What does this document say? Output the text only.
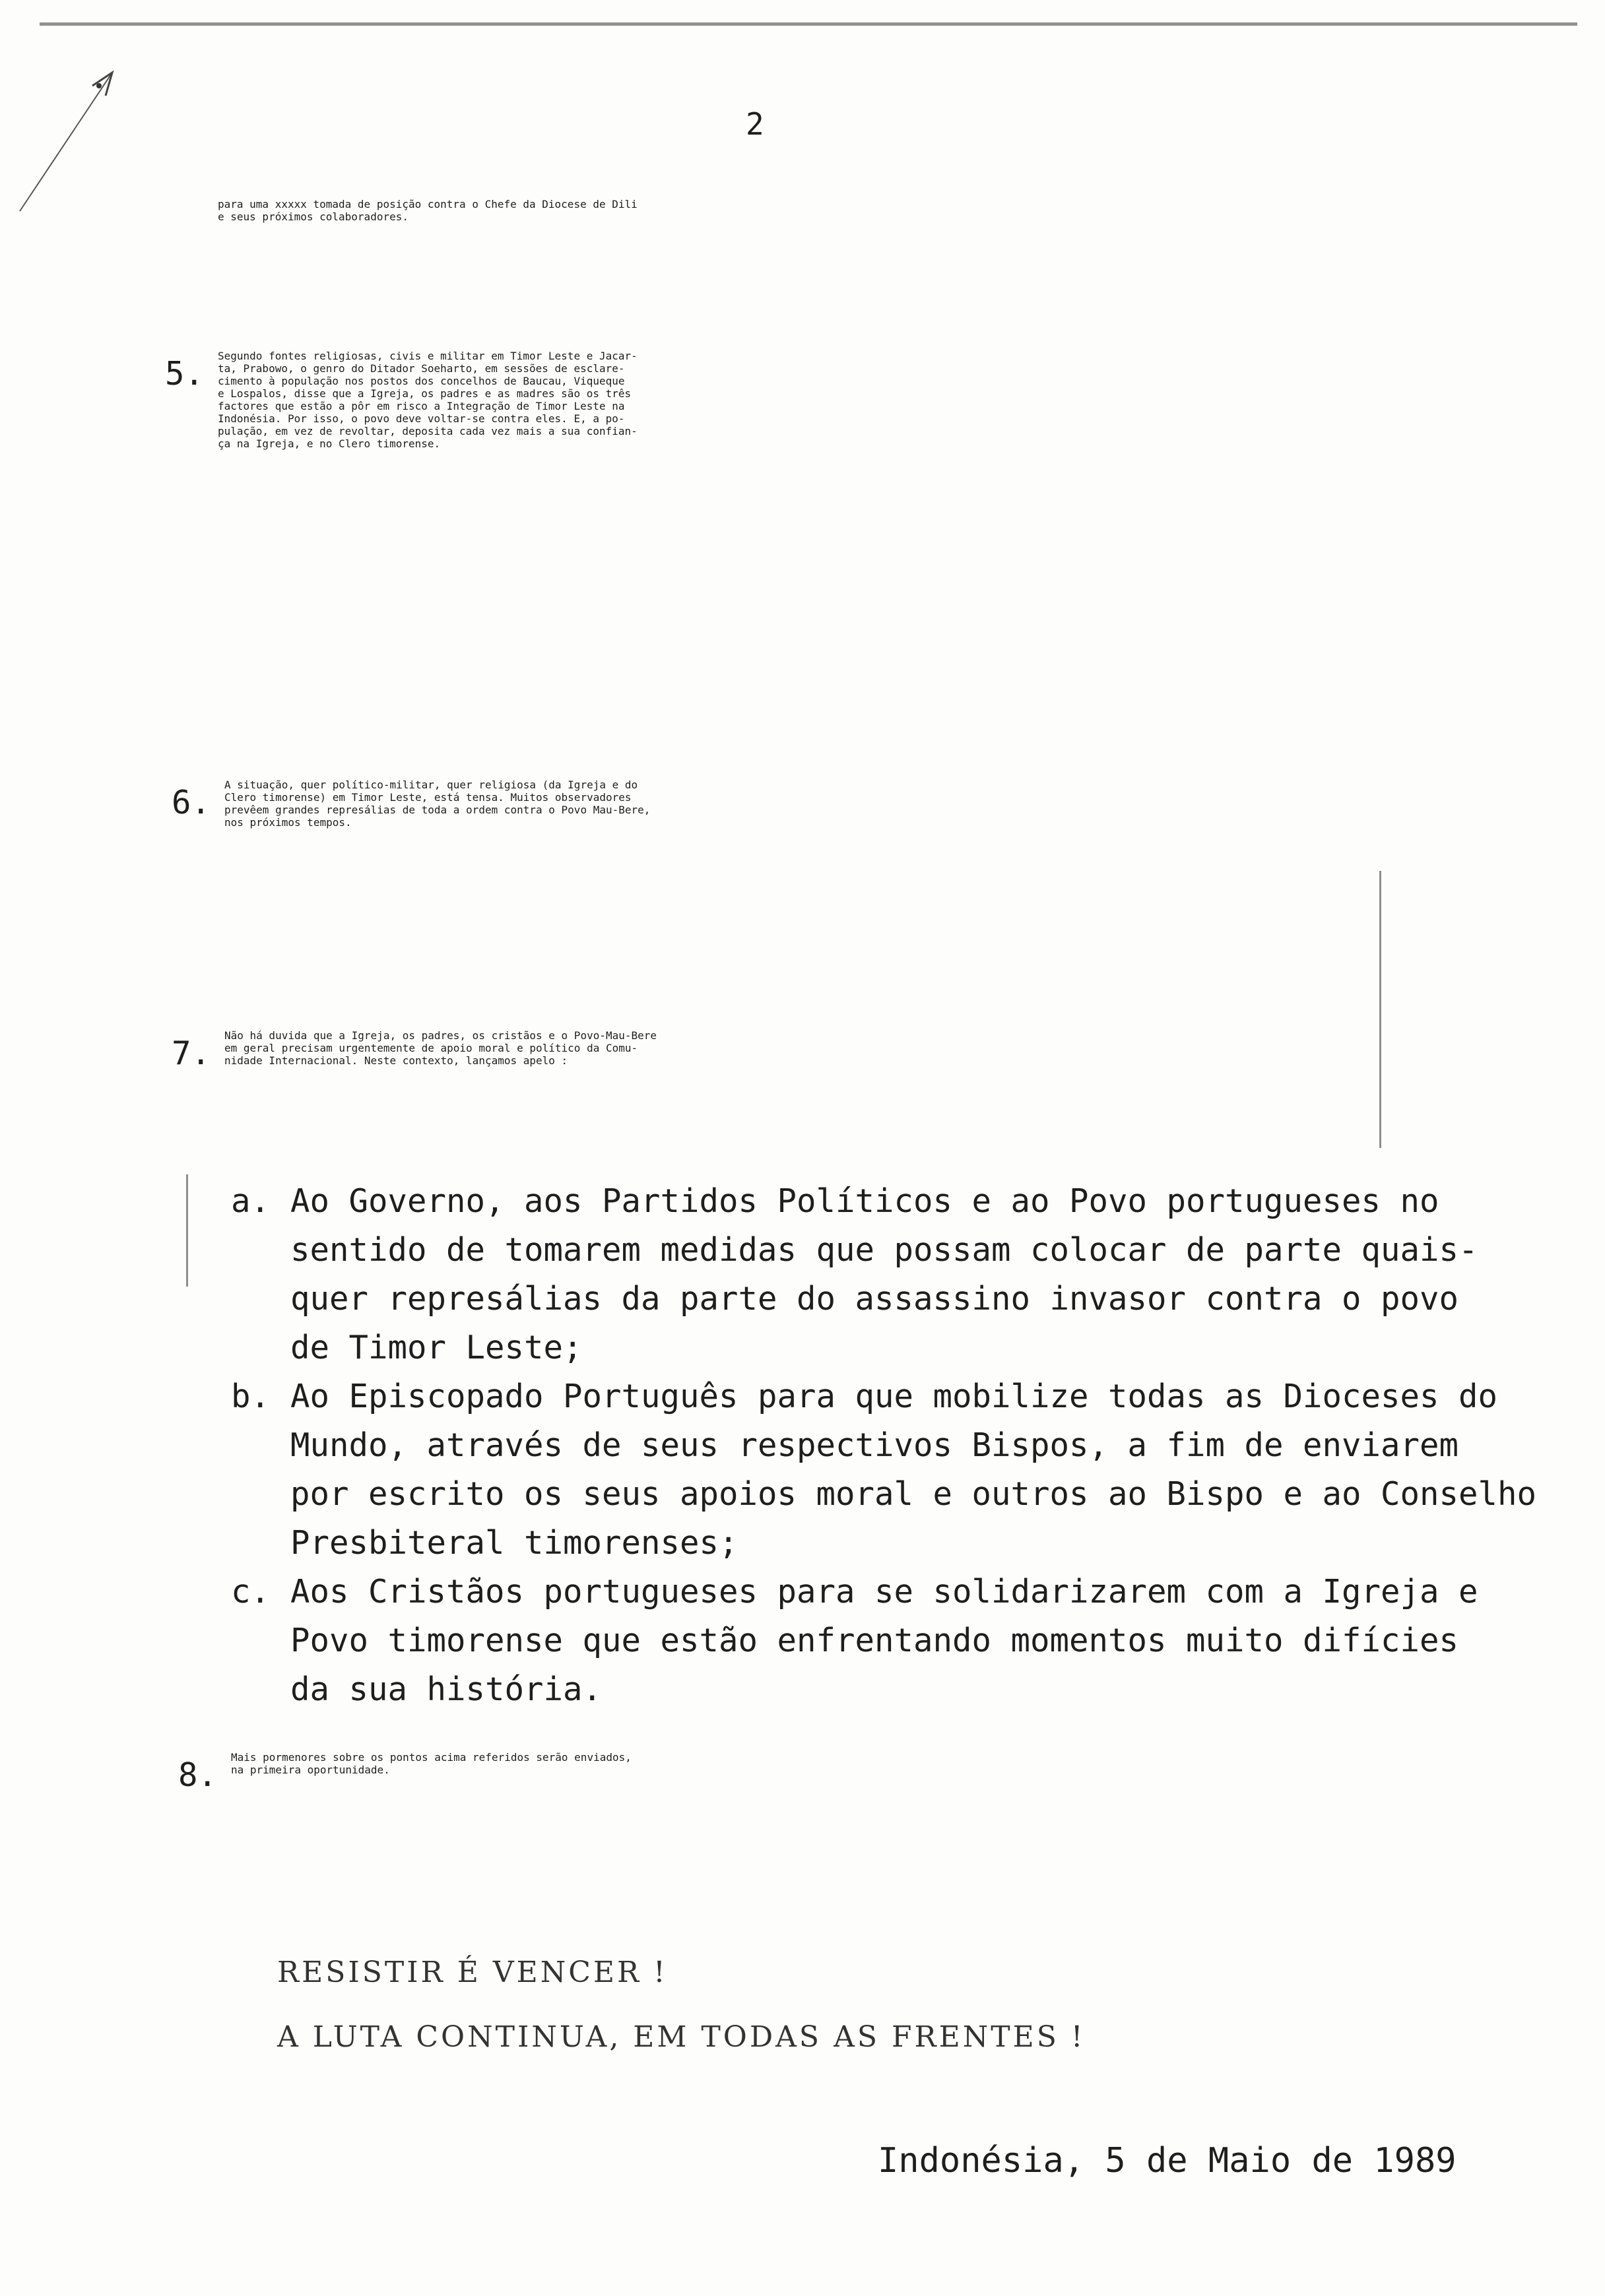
2
para uma xxxxx tomada de posição contra o Chefe da Diocese de Dili
e seus próximos colaboradores.
5. Segundo fontes religiosas, civis e militar em Timor Leste e Jacar-
ta, Prabowo, o genro do Ditador Soeharto, em sessões de esclare-
cimento à população nos postos dos concelhos de Baucau, Viqueque
e Lospalos, disse que a Igreja, os padres e as madres são os três
factores que estão a pôr em risco a Integração de Timor Leste na
Indonésia. Por isso, o povo deve voltar-se contra eles. E, a po-
pulação, em vez de revoltar, deposita cada vez mais a sua confian-
ça na Igreja, e no Clero timorense.
6. A situação, quer político-militar, quer religiosa (da Igreja e do
Clero timorense) em Timor Leste, está tensa. Muitos observadores
prevêem grandes represálias de toda a ordem contra o Povo Mau-Bere,
nos próximos tempos.
7. Não há duvida que a Igreja, os padres, os cristãos e o Povo-Mau-Bere
em geral precisam urgentemente de apoio moral e político da Comu-
nidade Internacional. Neste contexto, lançamos apelo :
a. Ao Governo, aos Partidos Políticos e ao Povo portugueses no
sentido de tomarem medidas que possam colocar de parte quais-
quer represálias da parte do assassino invasor contra o povo
de Timor Leste;
b. Ao Episcopado Português para que mobilize todas as Dioceses do
Mundo, através de seus respectivos Bispos, a fim de enviarem
por escrito os seus apoios moral e outros ao Bispo e ao Conselho
Presbiteral timorenses;
c. Aos Cristãos portugueses para se solidarizarem com a Igreja e
Povo timorense que estão enfrentando momentos muito difícies
da sua história.
8. Mais pormenores sobre os pontos acima referidos serão enviados,
na primeira oportunidade.
RESISTIR É VENCER !
A LUTA CONTINUA, EM TODAS AS FRENTES !
Indonésia, 5 de Maio de 1989
